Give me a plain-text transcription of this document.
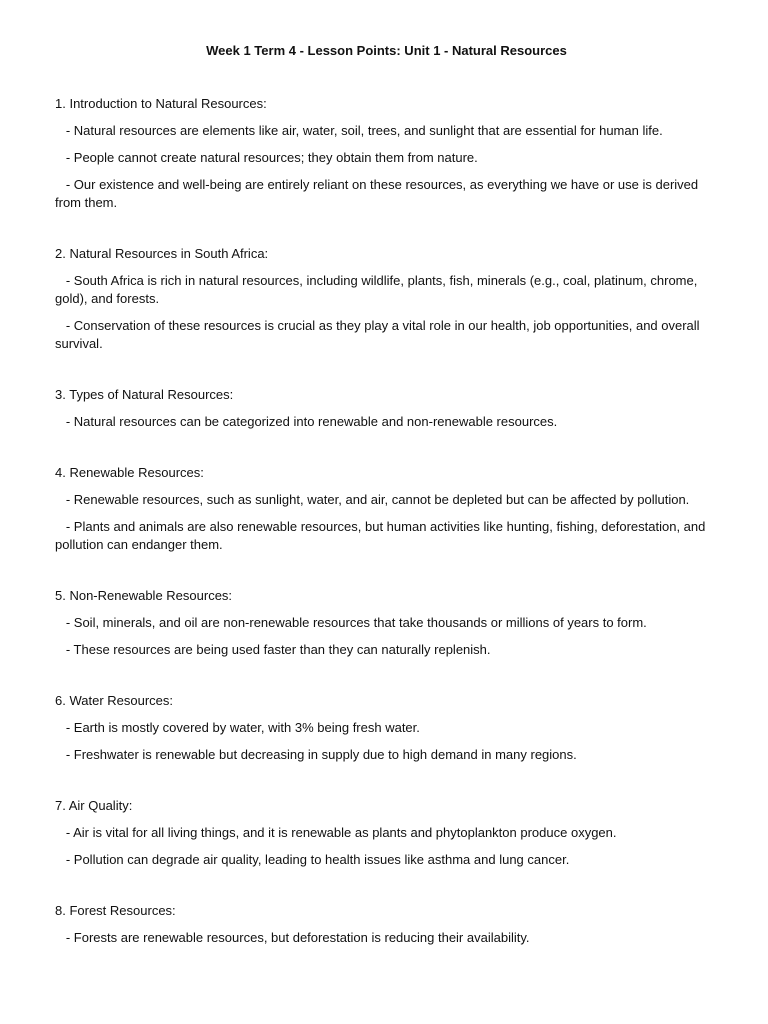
Week 1 Term 4 - Lesson Points: Unit 1 - Natural Resources
1. Introduction to Natural Resources:
- Natural resources are elements like air, water, soil, trees, and sunlight that are essential for human life.
- People cannot create natural resources; they obtain them from nature.
- Our existence and well-being are entirely reliant on these resources, as everything we have or use is derived from them.
2. Natural Resources in South Africa:
- South Africa is rich in natural resources, including wildlife, plants, fish, minerals (e.g., coal, platinum, chrome, gold), and forests.
- Conservation of these resources is crucial as they play a vital role in our health, job opportunities, and overall survival.
3. Types of Natural Resources:
- Natural resources can be categorized into renewable and non-renewable resources.
4. Renewable Resources:
- Renewable resources, such as sunlight, water, and air, cannot be depleted but can be affected by pollution.
- Plants and animals are also renewable resources, but human activities like hunting, fishing, deforestation, and pollution can endanger them.
5. Non-Renewable Resources:
- Soil, minerals, and oil are non-renewable resources that take thousands or millions of years to form.
- These resources are being used faster than they can naturally replenish.
6. Water Resources:
- Earth is mostly covered by water, with 3% being fresh water.
- Freshwater is renewable but decreasing in supply due to high demand in many regions.
7. Air Quality:
- Air is vital for all living things, and it is renewable as plants and phytoplankton produce oxygen.
- Pollution can degrade air quality, leading to health issues like asthma and lung cancer.
8. Forest Resources:
- Forests are renewable resources, but deforestation is reducing their availability.
